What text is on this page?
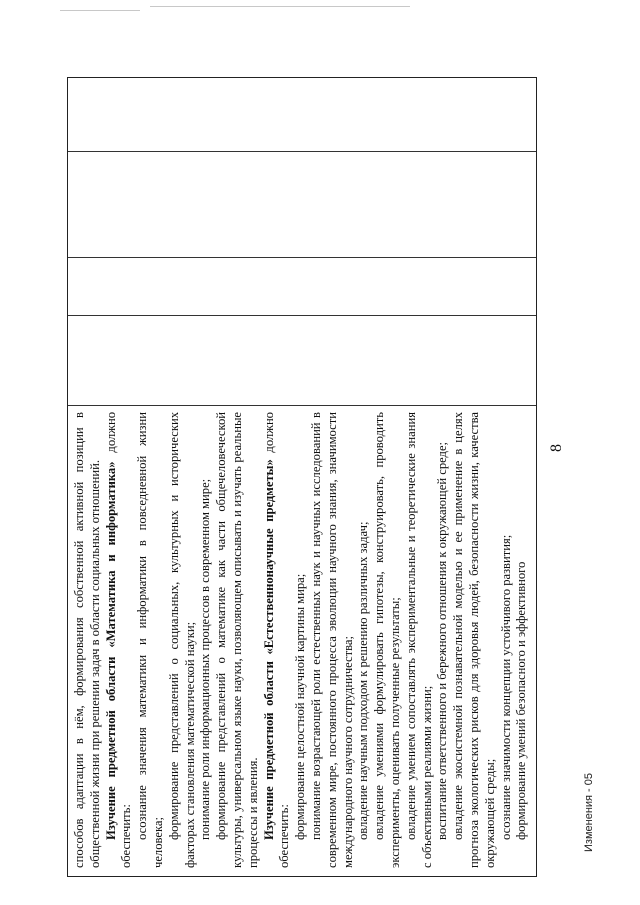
8
Изменения - 05

способов адаптации в нём, формирования собственной активной позиции в общественной жизни при решении задач в области социальных отношений. Изучение предметной области «Математика и информатика» должно обеспечить: осознание значения математики и информатики в повседневной жизни человека;

формирование представлений о социальных, культурных и исторических факторах становления математической науки; понимание роли информационных процессов в современном мире; формирование представлений о математике как части общечеловеческой культуры, универсальном языке науки, позволяющем описывать и изучать реальные процессы и явления. Изучение предметной области «Естественнонаучные предметы» должно обеспечить: формирование целостной научной картины мира; понимание возрастающей роли естественных наук и научных исследований в современном мире, постоянного процесса эволюции научного знания, значимости международного научного сотрудничества; овладение научным подходом к решению различных задач; овладение умениями формулировать гипотезы, конструировать, проводить эксперименты, оценивать полученные результаты; овладение умением сопоставлять экспериментальные и теоретические знания с объективными реалиями жизни; воспитание ответственного и бережного отношения к окружающей среде; овладение экосистемной познавательной моделью и ее применение в целях прогноза экологических рисков для здоровья людей, безопасности жизни, качества окружающей среды; осознание значимости концепции устойчивого развития; формирование умений безопасного и эффективного
